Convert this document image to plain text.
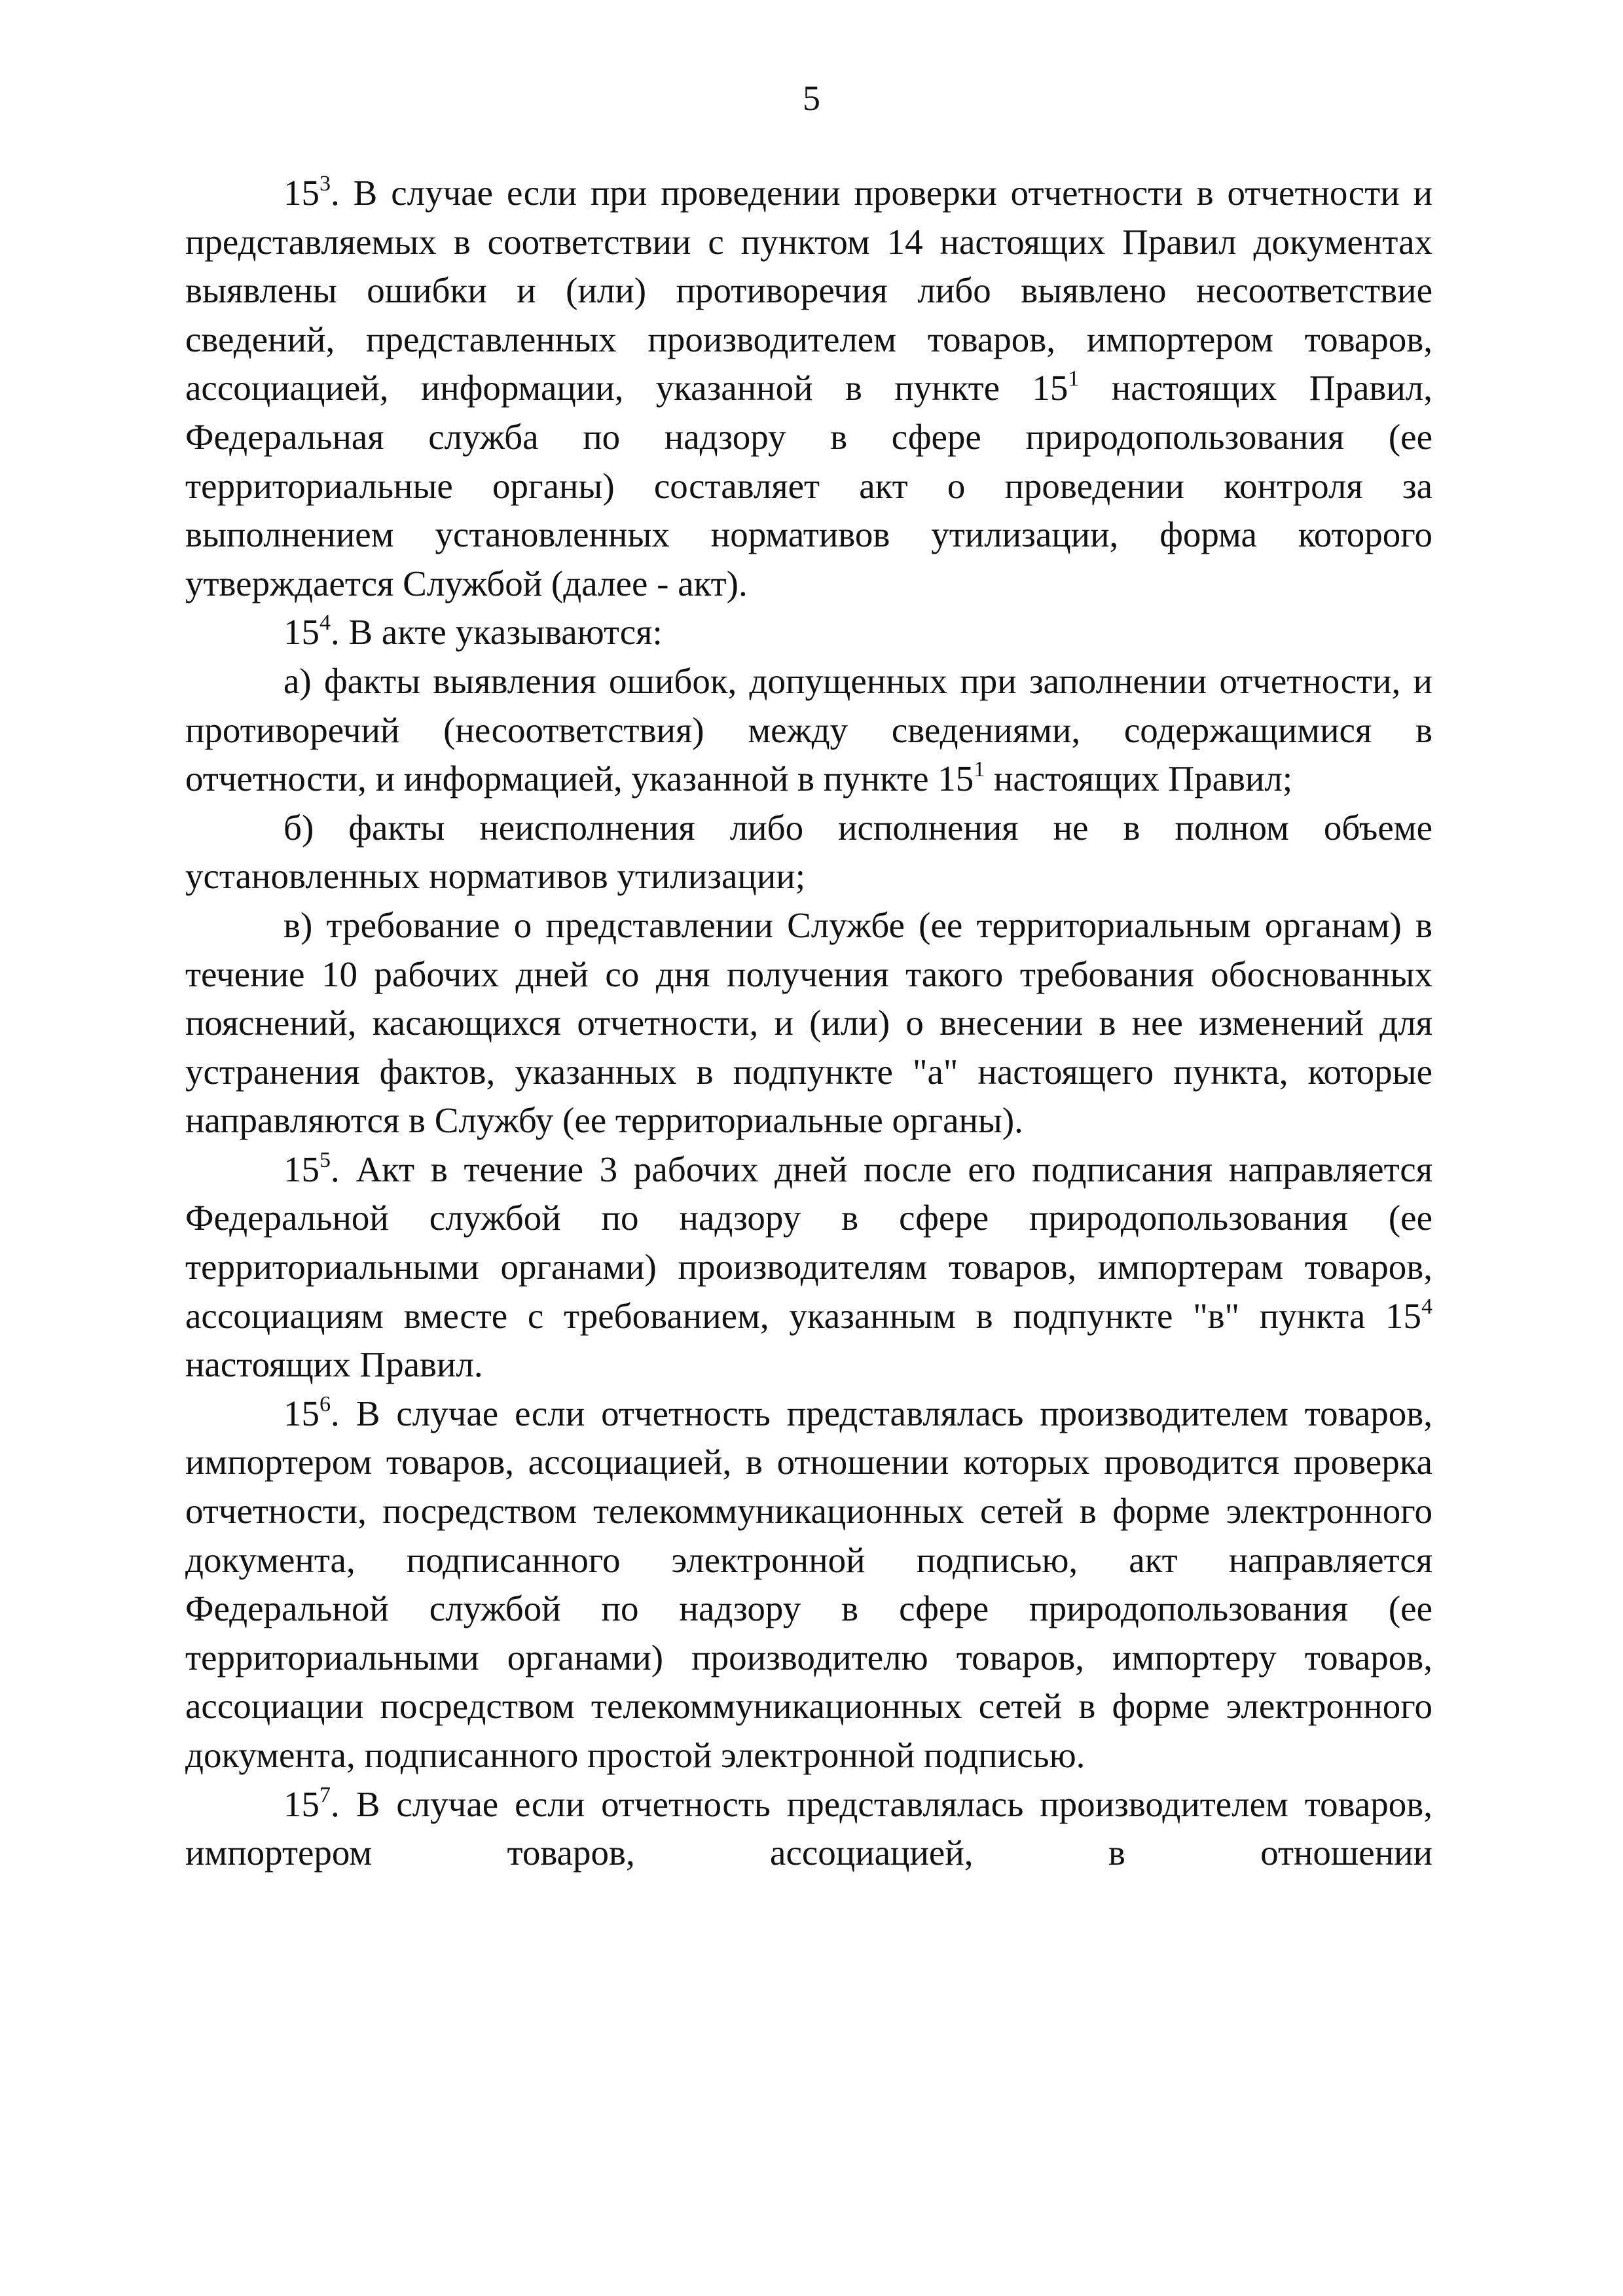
5

$15^3$. В случае если при проведении проверки отчетности в отчетности и представляемых в соответствии с пунктом 14 настоящих Правил документах выявлены ошибки и (или) противоречия либо выявлено несоответствие сведений, представленных производителем товаров, импортером товаров, ассоциацией, информации, указанной в пункте $15^1$ настоящих Правил, Федеральная служба по надзору в сфере природопользования (ее территориальные органы) составляет акт о проведении контроля за выполнением установленных нормативов утилизации, форма которого утверждается Службой (далее - акт).

$15^4$. В акте указываются:

а) факты выявления ошибок, допущенных при заполнении отчетности, и противоречий (несоответствия) между сведениями, содержащимися в отчетности, и информацией, указанной в пункте $15^1$ настоящих Правил;

б) факты неисполнения либо исполнения не в полном объеме установленных нормативов утилизации;

в) требование о представлении Службе (ее территориальным органам) в течение 10 рабочих дней со дня получения такого требования обоснованных пояснений, касающихся отчетности, и (или) о внесении в нее изменений для устранения фактов, указанных в подпункте "а" настоящего пункта, которые направляются в Службу (ее территориальные органы).

$15^5$. Акт в течение 3 рабочих дней после его подписания направляется Федеральной службой по надзору в сфере природопользования (ее территориальными органами) производителям товаров, импортерам товаров, ассоциациям вместе с требованием, указанным в подпункте "в" пункта $15^4$ настоящих Правил.

$15^6$. В случае если отчетность представлялась производителем товаров, импортером товаров, ассоциацией, в отношении которых проводится проверка отчетности, посредством телекоммуникационных сетей в форме электронного документа, подписанного электронной подписью, акт направляется Федеральной службой по надзору в сфере природопользования (ее территориальными органами) производителю товаров, импортеру товаров, ассоциации посредством телекоммуникационных сетей в форме электронного документа, подписанного простой электронной подписью.

$15^7$. В случае если отчетность представлялась производителем товаров, импортером товаров, ассоциацией, в отношении
